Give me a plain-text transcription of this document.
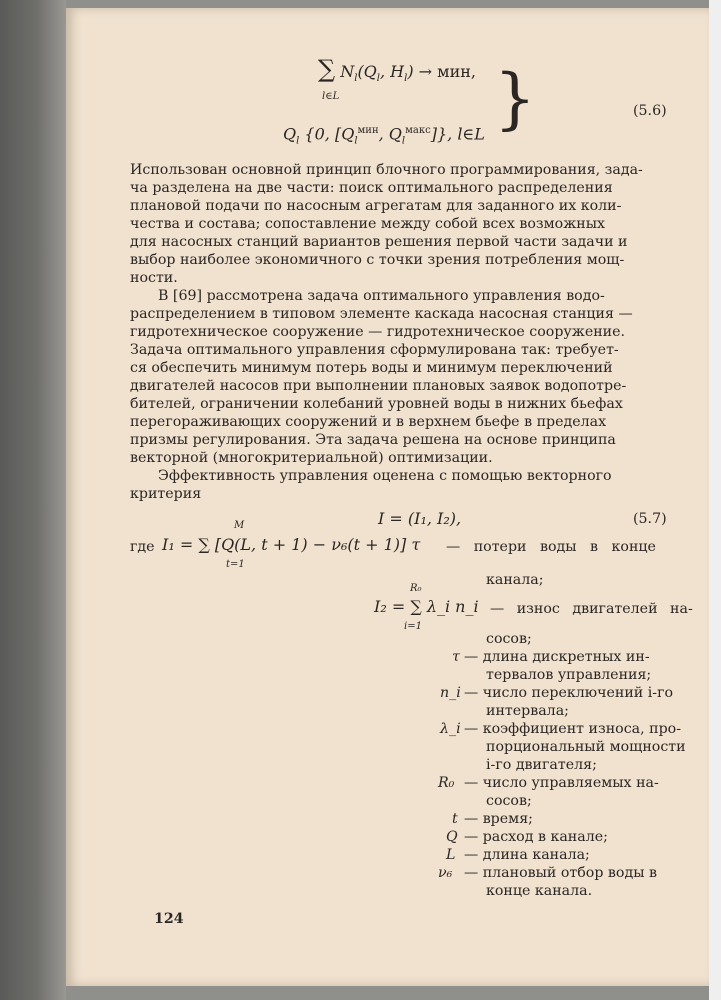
∑ $N_l(Q_l$, $H_l$) → мин,
l∈L
$Q_l$ {0, [$Q_l^{мин}$, $Q_l^{макс}$]}, l∈L }	(5.6)
Использован основной принцип блочного программирования, зада-
ча разделена на две части: поиск оптимального распределения
плановой подачи по насосным агрегатам для заданного их коли-
чества и состава; сопоставление между собой всех возможных
для насосных станций вариантов решения первой части задачи и
выбор наиболее экономичного с точки зрения потребления мощ-
ности.
В [69] рассмотрена задача оптимального управления водо-
распределением в типовом элементе каскада насосная станция —
гидротехническое сооружение — гидротехническое сооружение.
Задача оптимального управления сформулирована так: требует-
ся обеспечить минимум потерь воды и минимум переключений
двигателей насосов при выполнении плановых заявок водопотре-
бителей, ограничении колебаний уровней воды в нижних бьефах
перегораживающих сооружений и в верхнем бьефе в пределах
призмы регулирования. Эта задача решена на основе принципа
векторной (многокритериальной) оптимизации.
Эффективность управления оценена с помощью векторного
критерия
I = (I₁, I₂),	(5.7)
где
M
t=1
I₁ = ∑ [Q(L, t + 1) − ν₆(t + 1)] τ — потери воды в конце
канала;
R₀
i=1
I₂ = ∑ λ_i n_i — износ двигателей на-
сосов;
τ — длина дискретных ин-
тервалов управления;
n_i — число переключений i-го
интервала;
λ_i — коэффициент износа, про-
порциональный мощности
i-го двигателя;
R₀ — число управляемых на-
сосов;
t — время;
Q — расход в канале;
L — длина канала;
ν₆ — плановый отбор воды в
конце канала.
124
